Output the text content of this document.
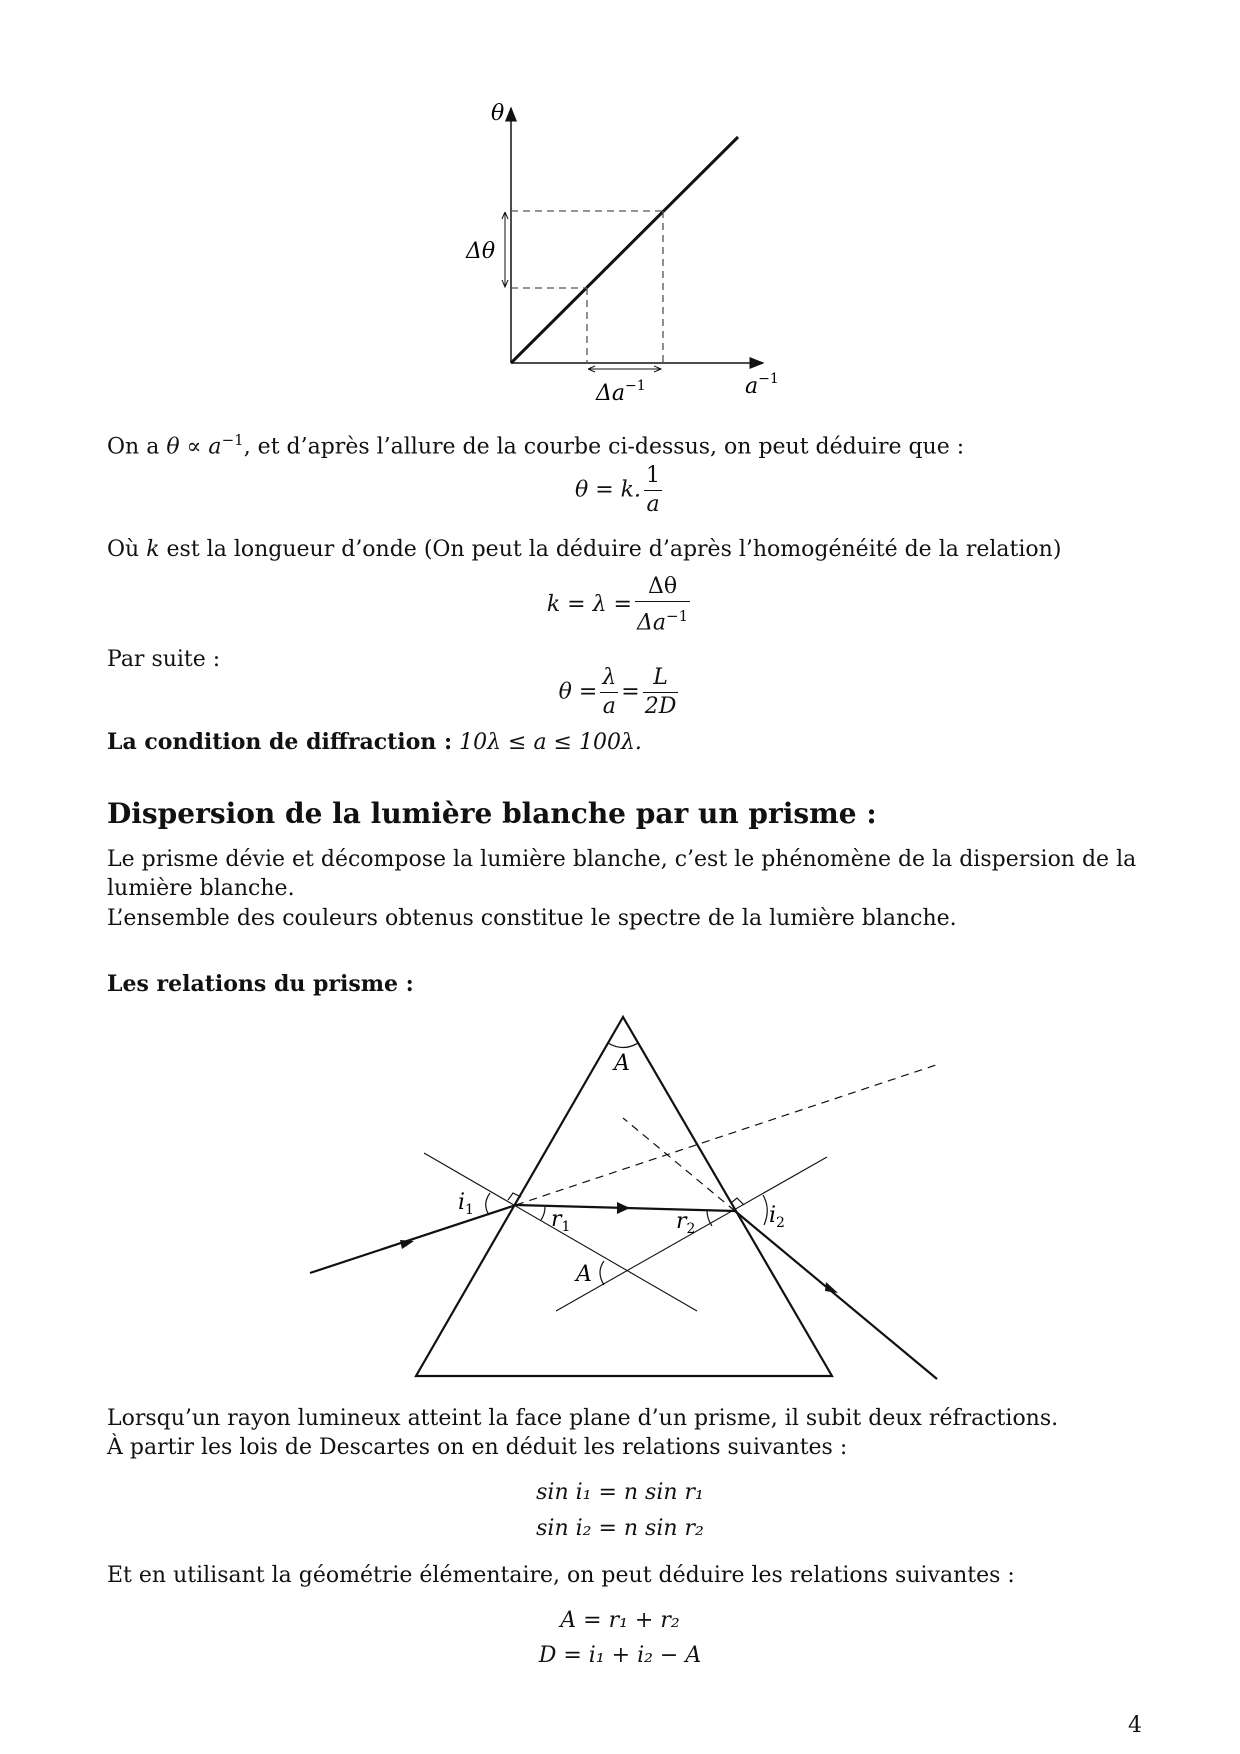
θ
Δθ
$\Delta a^{-1}$	$a^{-1}$
On a $\theta \propto a^{-1}$, et d’après l’allure de la courbe ci-dessus, on peut déduire que :
θ = k. $\frac{1}{a}$
Où k est la longueur d’onde (On peut la déduire d’après l’homogénéité de la relation)
$k = \lambda = \frac{\Delta\theta}{\Delta a^{-1}}$
Par suite :
$\theta = \frac{\lambda}{a} = \frac{L}{2D}$
La condition de diffraction : 10λ ≤ a ≤ 100λ.
Dispersion de la lumière blanche par un prisme :
Le prisme dévie et décompose la lumière blanche, c’est le phénomène de la dispersion de la lumière blanche.
L’ensemble des couleurs obtenus constitue le spectre de la lumière blanche.
Les relations du prisme :
A
$i_1$	$r_1$	$r_2$
$i_2$
A
Lorsqu’un rayon lumineux atteint la face plane d’un prisme, il subit deux réfractions.
À partir les lois de Descartes on en déduit les relations suivantes :
sin i₁ = n sin r₁
sin i₂ = n sin r₂
Et en utilisant la géométrie élémentaire, on peut déduire les relations suivantes :
A = r₁ + r₂
D = i₁ + i₂ − A
4
